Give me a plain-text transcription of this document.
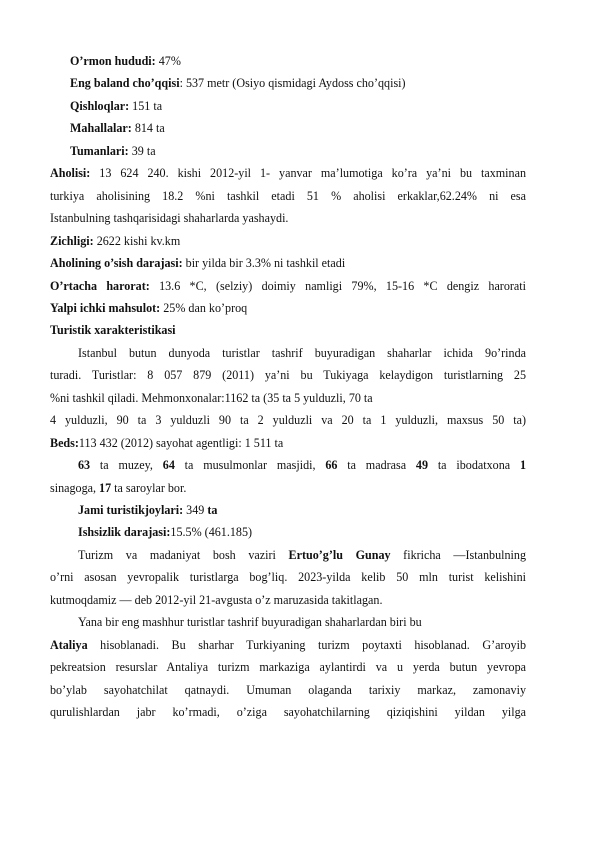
O’rmon hududi: 47%
Eng baland cho’qqisi: 537 metr (Osiyo qismidagi Aydoss cho’qqisi)
Qishloqlar: 151 ta
Mahallalar: 814 ta
Tumanlari: 39 ta
Aholisi: 13 624 240. kishi 2012-yil 1- yanvar ma’lumotiga ko’ra ya’ni bu taxminan
turkiya aholisining 18.2 %ni tashkil etadi 51 % aholisi erkaklar,62.24% ni esa
Istanbulning tashqarisidagi shaharlarda yashaydi.
Zichligi: 2622 kishi kv.km
Aholining o’sish darajasi: bir yilda bir 3.3% ni tashkil etadi
O’rtacha harorat: 13.6 *C, (selziy) doimiy namligi 79%, 15-16 *C dengiz harorati
Yalpi ichki mahsulot: 25% dan ko’proq
Turistik xarakteristikasi
Istanbul butun dunyoda turistlar tashrif buyuradigan shaharlar ichida 9o’rinda
turadi. Turistlar: 8 057 879 (2011) ya’ni bu Tukiyaga kelaydigon turistlarning 25
%ni tashkil qiladi. Mehmonxonalar:1162 ta (35 ta 5 yulduzli, 70 ta
4 yulduzli, 90 ta 3 yulduzli 90 ta 2 yulduzli va 20 ta 1 yulduzli, maxsus 50 ta)
Beds:113 432 (2012) sayohat agentligi: 1 511 ta
63 ta muzey, 64 ta musulmonlar masjidi, 66 ta madrasa 49 ta ibodatxona 1
sinagoga, 17 ta saroylar bor.
Jami turistikjoylari: 349 ta
Ishsizlik darajasi:15.5% (461.185)
Turizm va madaniyat bosh vaziri Ertuo’g’lu Gunay fikricha —Istanbulning
o’rni asosan yevropalik turistlarga bog’liq. 2023-yilda kelib 50 mln turist kelishini
kutmoqdamiz — deb 2012-yil 21-avgusta o’z maruzasida takitlagan.
Yana bir eng mashhur turistlar tashrif buyuradigan shaharlardan biri bu
Ataliya hisoblanadi. Bu sharhar Turkiyaning turizm poytaxti hisoblanad. G’aroyib
pekreatsion resurslar Antaliya turizm markaziga aylantirdi va u yerda butun yevropa
bo’ylab sayohatchilat qatnaydi. Umuman olaganda tarixiy markaz, zamonaviy
qurulishlardan jabr ko’rmadi, o’ziga sayohatchilarning qiziqishini yildan yilga
